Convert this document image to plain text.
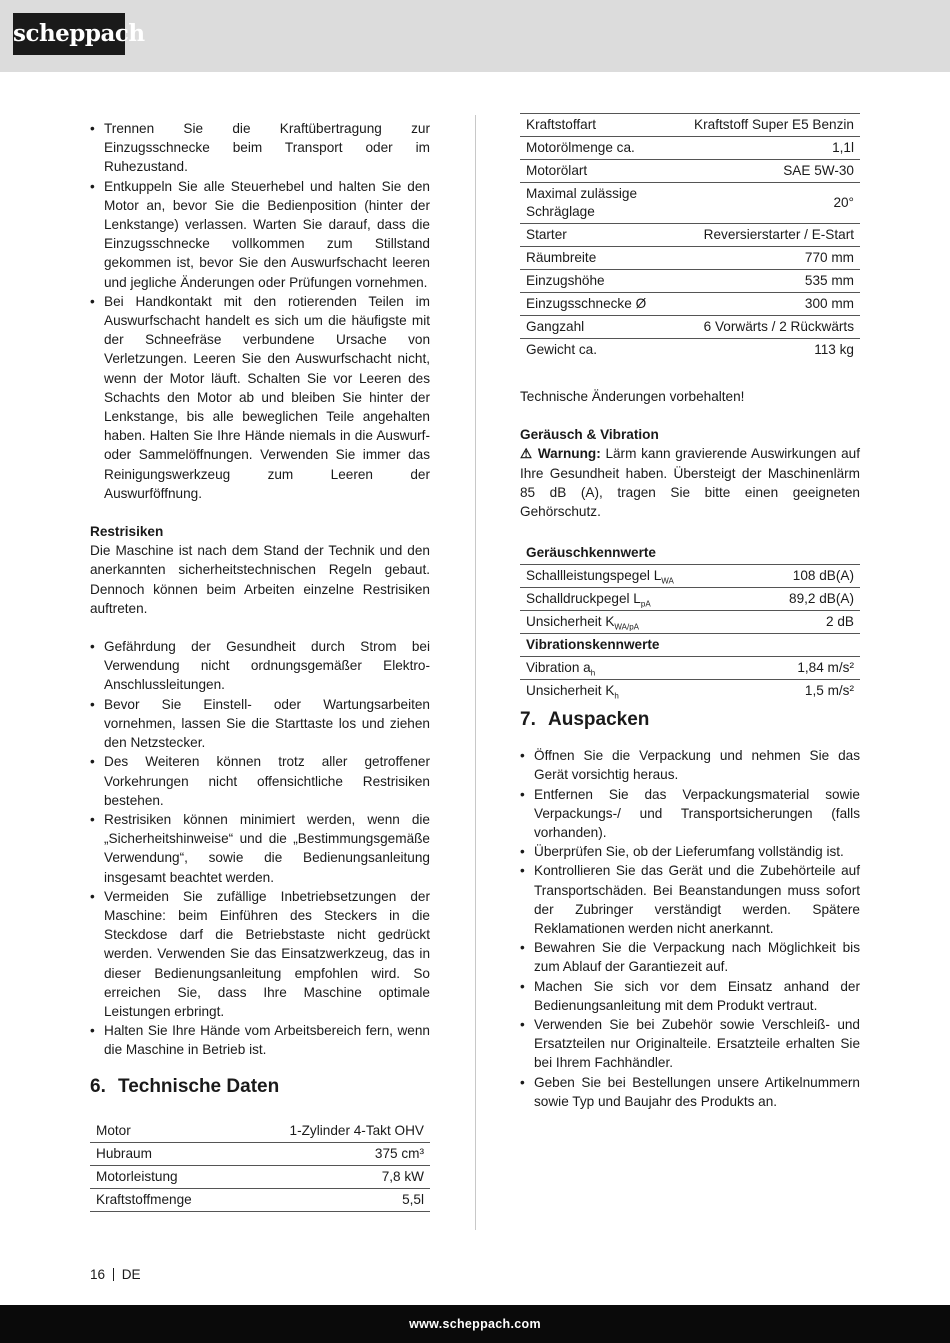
scheppach
• Trennen Sie die Kraftübertragung zur Einzugsschnecke beim Transport oder im Ruhezustand.
• Entkuppeln Sie alle Steuerhebel und halten Sie den Motor an, bevor Sie die Bedienposition (hinter der Lenkstange) verlassen. Warten Sie darauf, dass die Einzugsschnecke vollkommen zum Stillstand gekommen ist, bevor Sie den Auswurfschacht leeren und jegliche Änderungen oder Prüfungen vornehmen.
• Bei Handkontakt mit den rotierenden Teilen im Auswurfschacht handelt es sich um die häufigste mit der Schneefräse verbundene Ursache von Verletzungen. Leeren Sie den Auswurfschacht nicht, wenn der Motor läuft. Schalten Sie vor Leeren des Schachts den Motor ab und bleiben Sie hinter der Lenkstange, bis alle beweglichen Teile angehalten haben. Halten Sie Ihre Hände niemals in die Auswurf- oder Sammelöffnungen. Verwenden Sie immer das Reinigungswerkzeug zum Leeren der Auswurföffnung.
Restrisiken

Die Maschine ist nach dem Stand der Technik und den anerkannten sicherheitstechnischen Regeln gebaut. Dennoch können beim Arbeiten einzelne Restrisiken auftreten.

• Gefährdung der Gesundheit durch Strom bei Verwendung nicht ordnungsgemäßer Elektro-Anschlussleitungen.
• Bevor Sie Einstell- oder Wartungsarbeiten vornehmen, lassen Sie die Starttaste los und ziehen den Netzstecker.
• Des Weiteren können trotz aller getroffener Vorkehrungen nicht offensichtliche Restrisiken bestehen.
• Restrisiken können minimiert werden, wenn die „Sicherheitshinweise“ und die „Bestimmungsgemäße Verwendung“, sowie die Bedienungsanleitung insgesamt beachtet werden.
• Vermeiden Sie zufällige Inbetriebsetzungen der Maschine: beim Einführen des Steckers in die Steckdose darf die Betriebstaste nicht gedrückt werden. Verwenden Sie das Einsatzwerkzeug, das in dieser Bedienungsanleitung empfohlen wird. So erreichen Sie, dass Ihre Maschine optimale Leistungen erbringt.
• Halten Sie Ihre Hände vom Arbeitsbereich fern, wenn die Maschine in Betrieb ist.
6. Technische Daten
Motor	1-Zylinder 4-Takt OHV
Hubraum	375 cm³
Motorleistung	7,8 kW
Kraftstoffmenge	5,5l
Kraftstoffart	Kraftstoff Super E5 Benzin
Motorölmenge ca.	1,1l
Motorölart	SAE 5W-30
Maximal zulässige Schräglage	20°
Starter	Reversierstarter / E-Start
Räumbreite	770 mm
Einzugshöhe	535 mm
Einzugsschnecke Ø	300 mm
Gangzahl	6 Vorwärts / 2 Rückwärts
Gewicht ca.	113 kg

Technische Änderungen vorbehalten!

Geräusch & Vibration

⚠ Warnung: Lärm kann gravierende Auswirkungen auf Ihre Gesundheit haben. Übersteigt der Maschinenlärm 85 dB (A), tragen Sie bitte einen geeigneten Gehörschutz.

Geräuschkennwerte	
Schallleistungspegel $L_{WA}$	108 dB(A)
Schalldruckpegel $L_{pA}$	89,2 dB(A)
Unsicherheit $K_{WA/pA}$	2 dB
Vibrationskennwerte	
Vibration $a_h$	1,84 m/s²
Unsicherheit $K_h$	1,5 m/s²
7. Auspacken
• Öffnen Sie die Verpackung und nehmen Sie das Gerät vorsichtig heraus.
• Entfernen Sie das Verpackungsmaterial sowie Verpackungs-/ und Transportsicherungen (falls vorhanden).
• Überprüfen Sie, ob der Lieferumfang vollständig ist.
• Kontrollieren Sie das Gerät und die Zubehörteile auf Transportschäden. Bei Beanstandungen muss sofort der Zubringer verständigt werden. Spätere Reklamationen werden nicht anerkannt.
• Bewahren Sie die Verpackung nach Möglichkeit bis zum Ablauf der Garantiezeit auf.
• Machen Sie sich vor dem Einsatz anhand der Bedienungsanleitung mit dem Produkt vertraut.
• Verwenden Sie bei Zubehör sowie Verschleiß- und Ersatzteilen nur Originalteile. Ersatzteile erhalten Sie bei Ihrem Fachhändler.
• Geben Sie bei Bestellungen unsere Artikelnummern sowie Typ und Baujahr des Produkts an.
16 DE
www.scheppach.com
